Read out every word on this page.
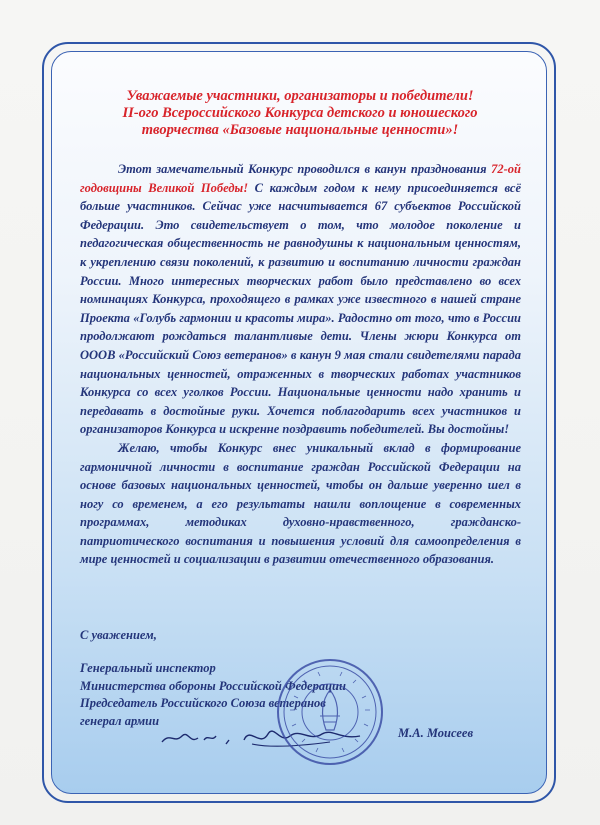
Уважаемые участники, организаторы и победители!
II-ого Всероссийского Конкурса детского и юношеского
творчества «Базовые национальные ценности»!

Этот замечательный Конкурс проводился в канун празднования 72-ой годовщины Великой Победы! С каждым годом к нему присоединяется всё больше участников. Сейчас уже насчитывается 67 субъектов Российской Федерации. Это свидетельствует о том, что молодое поколение и педагогическая общественность не равнодушны к национальным ценностям, к укреплению связи поколений, к развитию и воспитанию личности граждан России. Много интересных творческих работ было представлено во всех номинациях Конкурса, проходящего в рамках уже известного в нашей стране Проекта «Голубь гармонии и красоты мира». Радостно от того, что в России продолжают рождаться талантливые дети. Члены жюри Конкурса от ОООВ «Российский Союз ветеранов» в канун 9 мая стали свидетелями парада национальных ценностей, отраженных в творческих работах участников Конкурса со всех уголков России. Национальные ценности надо хранить и передавать в достойные руки. Хочется поблагодарить всех участников и организаторов Конкурса и искренне поздравить победителей. Вы достойны!

Желаю, чтобы Конкурс внес уникальный вклад в формирование гармоничной личности в воспитание граждан Российской Федерации на основе базовых национальных ценностей, чтобы он дальше уверенно шел в ногу со временем, а его результаты нашли воплощение в современных программах, методиках духовно-нравственного, гражданско-патриотического воспитания и повышения условий для самоопределения в мире ценностей и социализации в развитии отечественного образования.

С уважением,
Генеральный инспектор
Министерства обороны Российской Федерации
Председатель Российского Союза ветеранов
генерал армии
М.А. Моисеев
